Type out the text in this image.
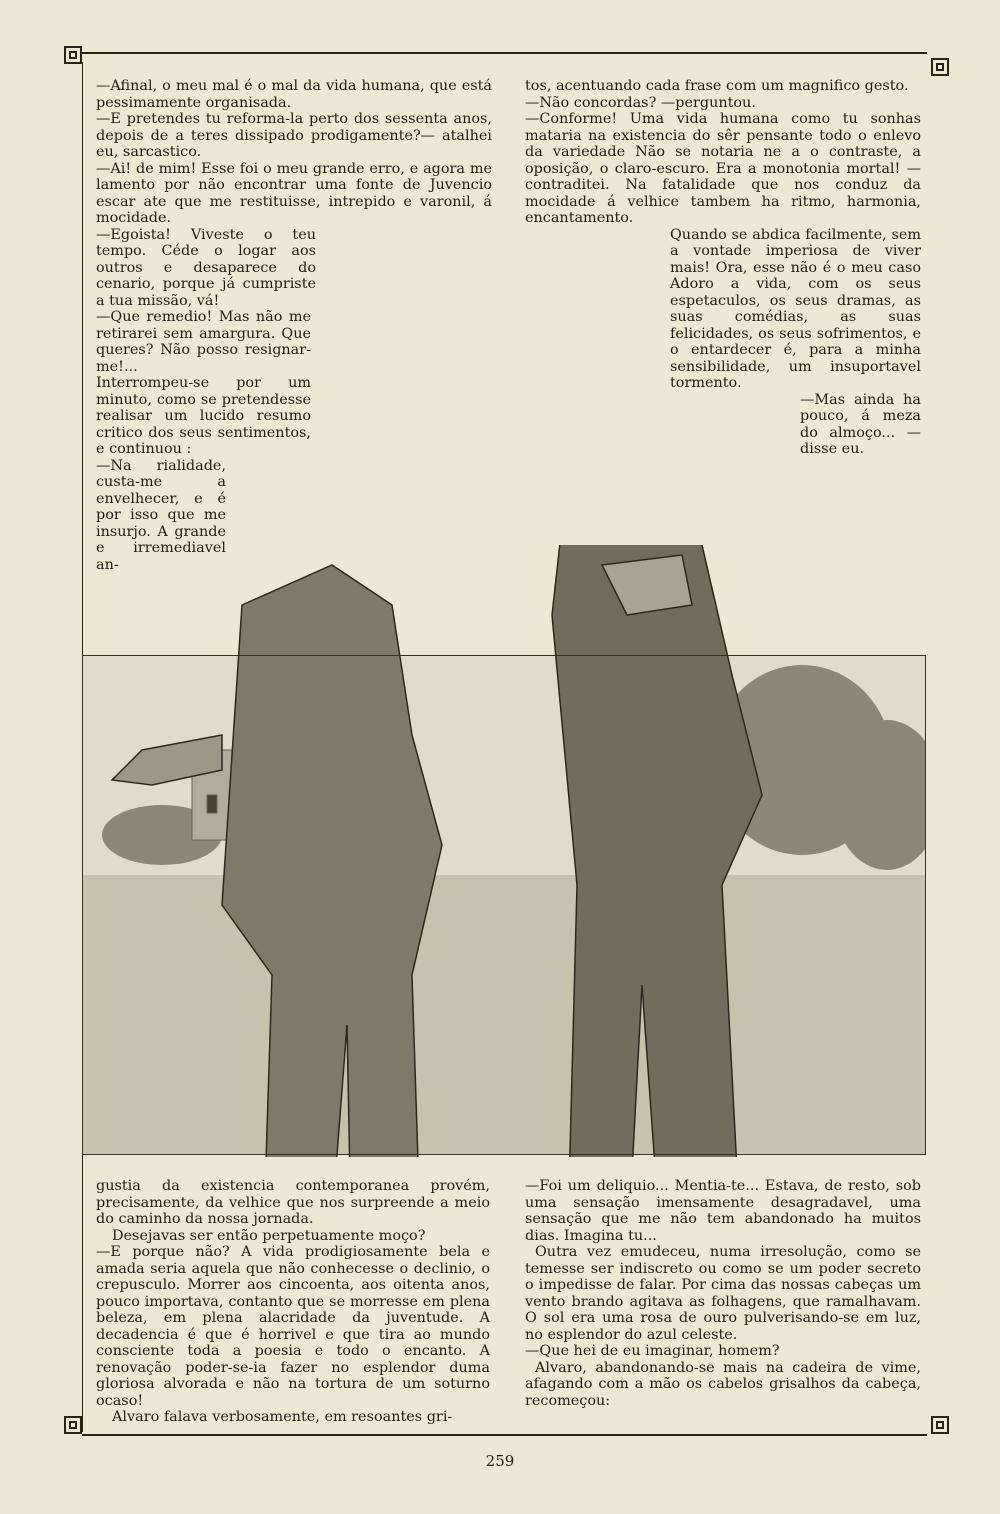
—Afinal, o meu mal é o mal da vida humana, que está pessimamente organisada.

—E pretendes tu reforma-la perto dos sessenta anos, depois de a teres dissipado prodigamente?— atalhei eu, sarcastico.

—Ai! de mim! Esse foi o meu grande erro, e agora me lamento por não encontrar uma fonte de Juvencio escar ate que me restituisse, intrepido e varonil, á mocidade.

—Egoista! Viveste o teu tempo. Céde o logar aos outros e desaparece do cenario, porque já cumpriste a tua missão, vá!

—Que remedio! Mas não me retirarei sem amargura. Que queres? Não posso resignar-me!...

Interrompeu-se por um minuto, como se pretendesse realisar um lucido resumo critico dos seus sentimentos, e continuou :

—Na rialidade, custa-me a envelhecer, e é por isso que me insurjo. A grande e irremediavel an-

tos, acentuando cada frase com um magnifico gesto.

—Não concordas? —perguntou.

—Conforme! Uma vida humana como tu sonhas mataria na existencia do sêr pensante todo o enlevo da variedade Não se notaria ne a o contraste, a oposição, o claro-escuro. Era a monotonia mortal! —contraditei. Na fatalidade que nos conduz da mocidade á velhice tambem ha ritmo, harmonia, encantamento.

Quando se abdica facilmente, sem a vontade imperiosa de viver mais! Ora, esse não é o meu caso Adoro a vida, com os seus espetaculos, os seus dramas, as suas comédias, as suas felicidades, os seus sofrimentos, e o entardecer é, para a minha sensibilidade, um insuportavel tormento.

—Mas ainda ha pouco, á meza do almoço... —disse eu.

gustia da existencia contemporanea provém, precisamente, da velhice que nos surpreende a meio do caminho da nossa jornada.

Desejavas ser então perpetuamente moço?

—E porque não? A vida prodigiosamente bela e amada seria aquela que não conhecesse o declinio, o crepusculo. Morrer aos cincoenta, aos oitenta anos, pouco importava, contanto que se morresse em plena beleza, em plena alacridade da juventude. A decadencia é que é horrivel e que tira ao mundo consciente toda a poesia e todo o encanto. A renovação poder-se-ia fazer no esplendor duma gloriosa alvorada e não na tortura de um soturno ocaso!

Alvaro falava verbosamente, em resoantes gri-

—Foi um deliquio... Mentia-te... Estava, de resto, sob uma sensação imensamente desagradavel, uma sensação que me não tem abandonado ha muitos dias. Imagina tu...

Outra vez emudeceu, numa irresolução, como se temesse ser indiscreto ou como se um poder secreto o impedisse de falar. Por cima das nossas cabeças um vento brando agitava as folhagens, que ramalhavam. O sol era uma rosa de ouro pulverisando-se em luz, no esplendor do azul celeste.

—Que hei de eu imaginar, homem?

Alvaro, abandonando-se mais na cadeira de vime, afagando com a mão os cabelos grisalhos da cabeça, recomeçou:

259
